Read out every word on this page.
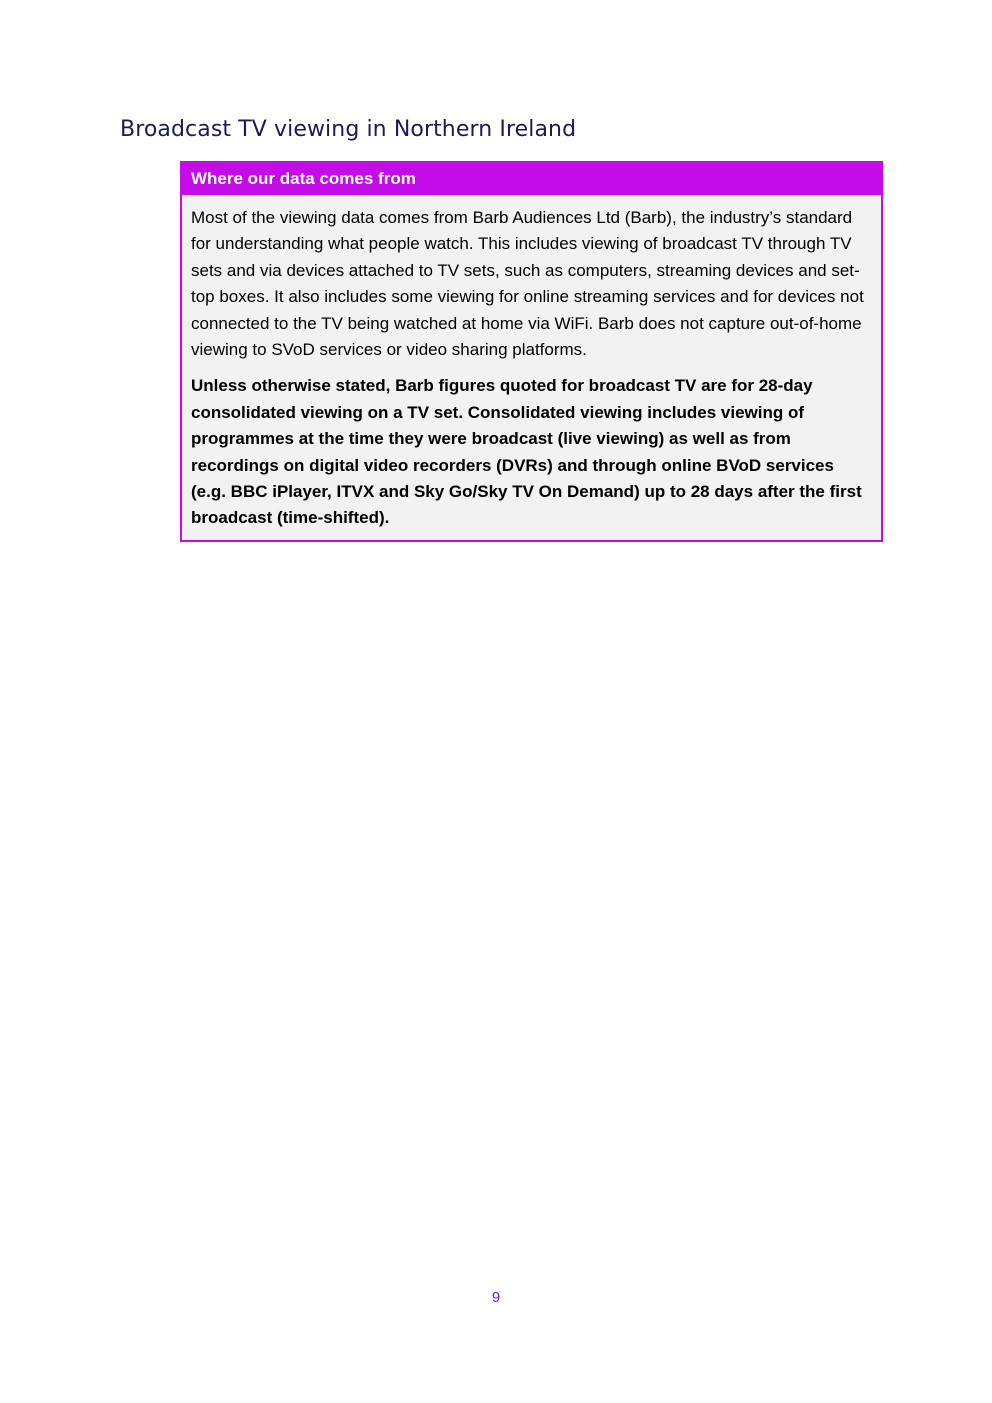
Broadcast TV viewing in Northern Ireland
Where our data comes from

Most of the viewing data comes from Barb Audiences Ltd (Barb), the industry’s standard for understanding what people watch. This includes viewing of broadcast TV through TV sets and via devices attached to TV sets, such as computers, streaming devices and set-top boxes. It also includes some viewing for online streaming services and for devices not connected to the TV being watched at home via WiFi. Barb does not capture out-of-home viewing to SVoD services or video sharing platforms.

Unless otherwise stated, Barb figures quoted for broadcast TV are for 28-day consolidated viewing on a TV set. Consolidated viewing includes viewing of programmes at the time they were broadcast (live viewing) as well as from recordings on digital video recorders (DVRs) and through online BVoD services (e.g. BBC iPlayer, ITVX and Sky Go/Sky TV On Demand) up to 28 days after the first broadcast (time-shifted).

9
